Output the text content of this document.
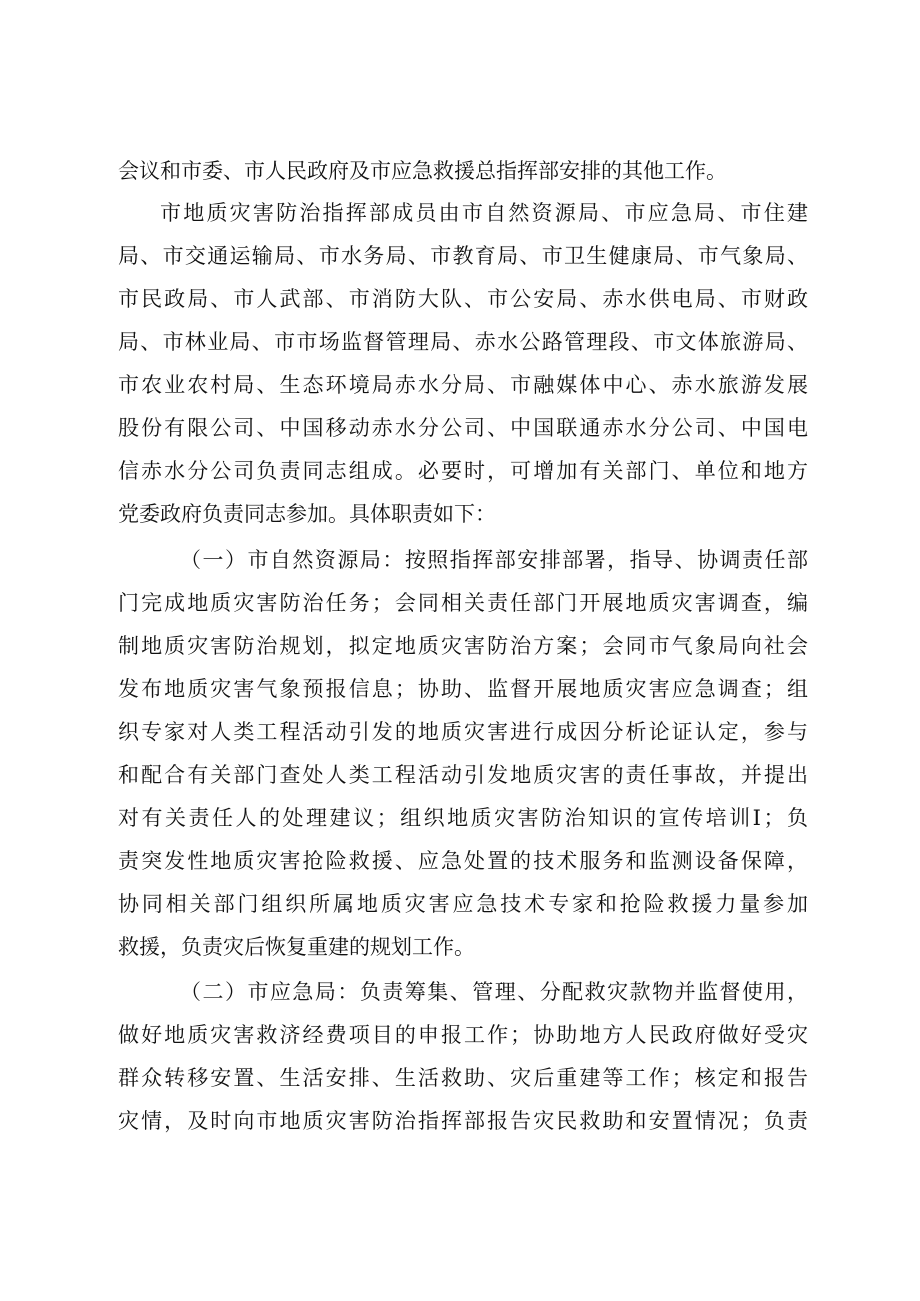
会议和市委、市人民政府及市应急救援总指挥部安排的其他工作。
市地质灾害防治指挥部成员由市自然资源局、市应急局、市住建
局、市交通运输局、市水务局、市教育局、市卫生健康局、市气象局、
市民政局、市人武部、市消防大队、市公安局、赤水供电局、市财政
局、市林业局、市市场监督管理局、赤水公路管理段、市文体旅游局、
市农业农村局、生态环境局赤水分局、市融媒体中心、赤水旅游发展
股份有限公司、中国移动赤水分公司、中国联通赤水分公司、中国电
信赤水分公司负责同志组成。必要时，可增加有关部门、单位和地方
党委政府负责同志参加。具体职责如下：
（一）市自然资源局：按照指挥部安排部署，指导、协调责任部
门完成地质灾害防治任务；会同相关责任部门开展地质灾害调查，编
制地质灾害防治规划，拟定地质灾害防治方案；会同市气象局向社会
发布地质灾害气象预报信息；协助、监督开展地质灾害应急调查；组
织专家对人类工程活动引发的地质灾害进行成因分析论证认定，参与
和配合有关部门查处人类工程活动引发地质灾害的责任事故，并提出
对有关责任人的处理建议；组织地质灾害防治知识的宣传培训Ⅰ；负
责突发性地质灾害抢险救援、应急处置的技术服务和监测设备保障，
协同相关部门组织所属地质灾害应急技术专家和抢险救援力量参加
救援，负责灾后恢复重建的规划工作。
（二）市应急局：负责筹集、管理、分配救灾款物并监督使用，
做好地质灾害救济经费项目的申报工作；协助地方人民政府做好受灾
群众转移安置、生活安排、生活救助、灾后重建等工作；核定和报告
灾情，及时向市地质灾害防治指挥部报告灾民救助和安置情况；负责
